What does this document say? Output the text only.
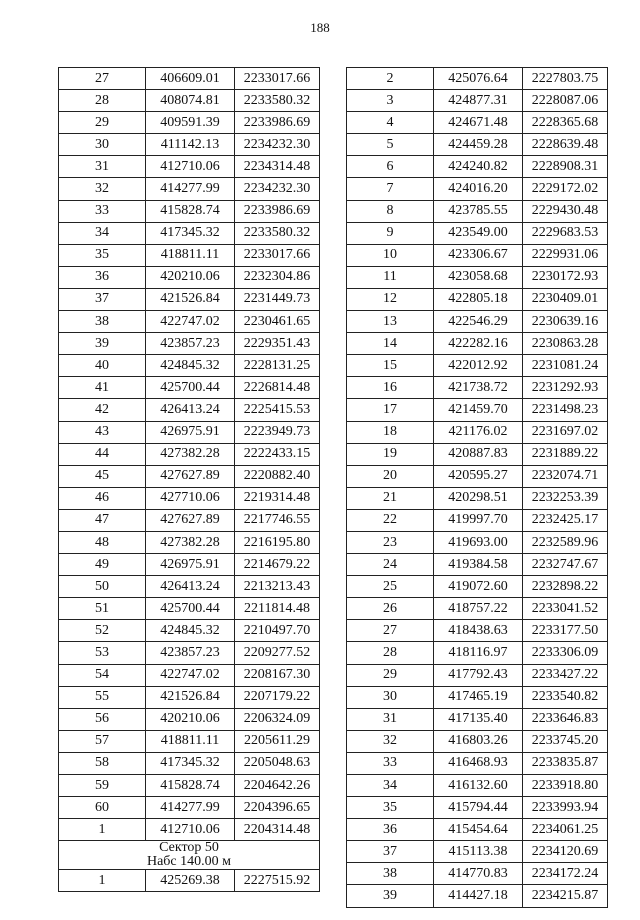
188
27	406609.01	2233017.66
28	408074.81	2233580.32
29	409591.39	2233986.69
30	411142.13	2234232.30
31	412710.06	2234314.48
32	414277.99	2234232.30
33	415828.74	2233986.69
34	417345.32	2233580.32
35	418811.11	2233017.66
36	420210.06	2232304.86
37	421526.84	2231449.73
38	422747.02	2230461.65
39	423857.23	2229351.43
40	424845.32	2228131.25
41	425700.44	2226814.48
42	426413.24	2225415.53
43	426975.91	2223949.73
44	427382.28	2222433.15
45	427627.89	2220882.40
46	427710.06	2219314.48
47	427627.89	2217746.55
48	427382.28	2216195.80
49	426975.91	2214679.22
50	426413.24	2213213.43
51	425700.44	2211814.48
52	424845.32	2210497.70
53	423857.23	2209277.52
54	422747.02	2208167.30
55	421526.84	2207179.22
56	420210.06	2206324.09
57	418811.11	2205611.29
58	417345.32	2205048.63
59	415828.74	2204642.26
60	414277.99	2204396.65
1	412710.06	2204314.48

Сектор 50
Набс 140.00 м		

1	425269.38	2227515.92
2	425076.64	2227803.75
3	424877.31	2228087.06
4	424671.48	2228365.68
5	424459.28	2228639.48
6	424240.82	2228908.31
7	424016.20	2229172.02
8	423785.55	2229430.48
9	423549.00	2229683.53
10	423306.67	2229931.06
11	423058.68	2230172.93
12	422805.18	2230409.01
13	422546.29	2230639.16
14	422282.16	2230863.28
15	422012.92	2231081.24
16	421738.72	2231292.93
17	421459.70	2231498.23
18	421176.02	2231697.02
19	420887.83	2231889.22
20	420595.27	2232074.71
21	420298.51	2232253.39
22	419997.70	2232425.17
23	419693.00	2232589.96
24	419384.58	2232747.67
25	419072.60	2232898.22
26	418757.22	2233041.52
27	418438.63	2233177.50
28	418116.97	2233306.09
29	417792.43	2233427.22
30	417465.19	2233540.82
31	417135.40	2233646.83
32	416803.26	2233745.20
33	416468.93	2233835.87
34	416132.60	2233918.80
35	415794.44	2233993.94
36	415454.64	2234061.25
37	415113.38	2234120.69
38	414770.83	2234172.24
39	414427.18	2234215.87
